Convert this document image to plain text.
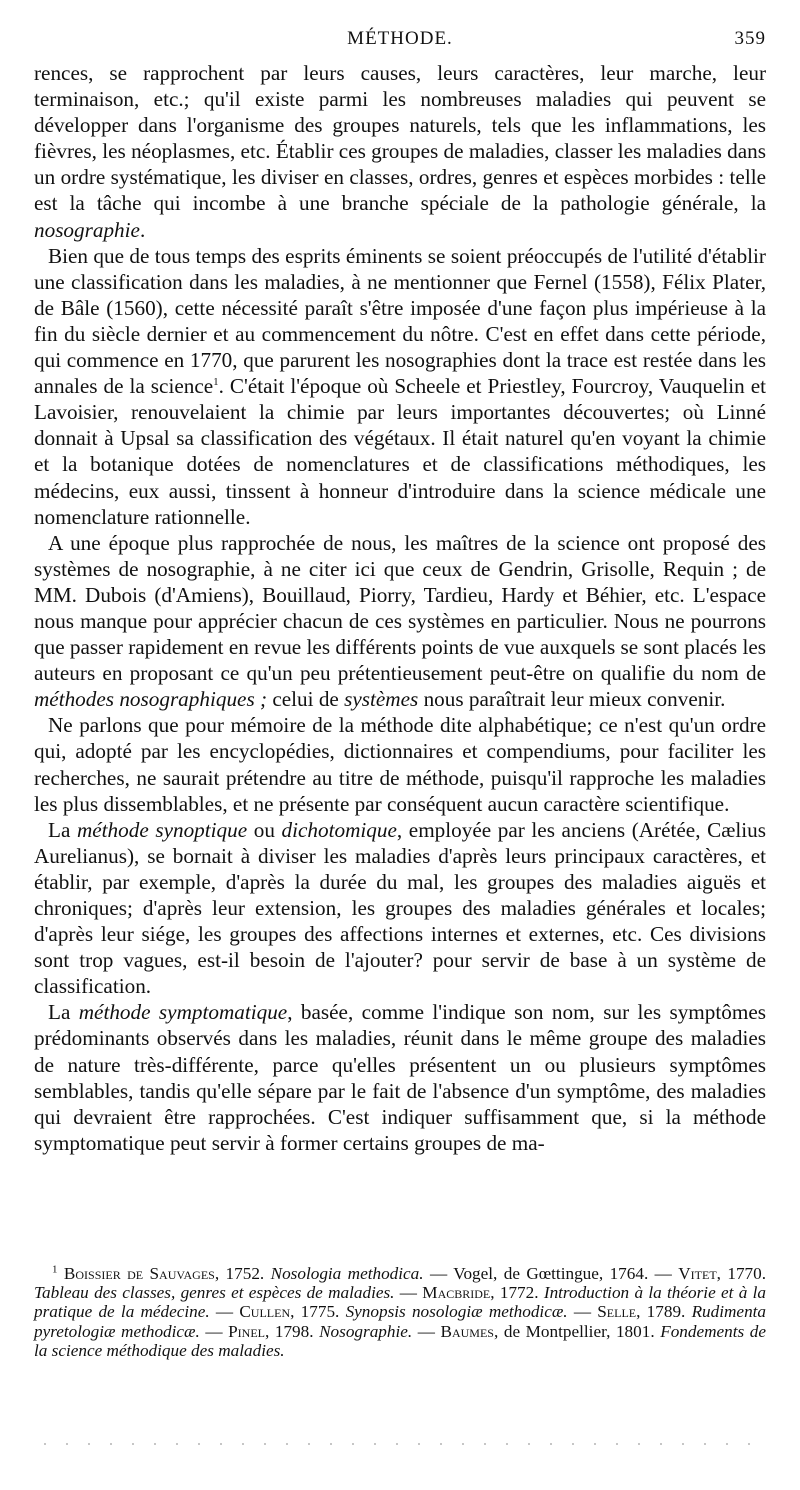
MÉTHODE.	359

rences, se rapprochent par leurs causes, leurs caractères, leur marche, leur terminaison, etc.; qu'il existe parmi les nombreuses maladies qui peuvent se développer dans l'organisme des groupes naturels, tels que les inflammations, les fièvres, les néoplasmes, etc. Établir ces groupes de maladies, classer les maladies dans un ordre systématique, les diviser en classes, ordres, genres et espèces morbides : telle est la tâche qui incombe à une branche spéciale de la pathologie générale, la nosographie.

Bien que de tous temps des esprits éminents se soient préoccupés de l'utilité d'établir une classification dans les maladies, à ne mentionner que Fernel (1558), Félix Plater, de Bâle (1560), cette nécessité paraît s'être imposée d'une façon plus impérieuse à la fin du siècle dernier et au commencement du nôtre. C'est en effet dans cette période, qui commence en 1770, que parurent les nosographies dont la trace est restée dans les annales de la science$^1$. C'était l'époque où Scheele et Priestley, Fourcroy, Vauquelin et Lavoisier, renouvelaient la chimie par leurs importantes découvertes; où Linné donnait à Upsal sa classification des végétaux. Il était naturel qu'en voyant la chimie et la botanique dotées de nomenclatures et de classifications méthodiques, les médecins, eux aussi, tinssent à honneur d'introduire dans la science médicale une nomenclature rationnelle.

A une époque plus rapprochée de nous, les maîtres de la science ont proposé des systèmes de nosographie, à ne citer ici que ceux de Gendrin, Grisolle, Requin ; de MM. Dubois (d'Amiens), Bouillaud, Piorry, Tardieu, Hardy et Béhier, etc. L'espace nous manque pour apprécier chacun de ces systèmes en particulier. Nous ne pourrons que passer rapidement en revue les différents points de vue auxquels se sont placés les auteurs en proposant ce qu'un peu prétentieusement peut-être on qualifie du nom de méthodes nosographiques ; celui de systèmes nous paraîtrait leur mieux convenir.

Ne parlons que pour mémoire de la méthode dite alphabétique; ce n'est qu'un ordre qui, adopté par les encyclopédies, dictionnaires et compendiums, pour faciliter les recherches, ne saurait prétendre au titre de méthode, puisqu'il rapproche les maladies les plus dissemblables, et ne présente par conséquent aucun caractère scientifique.

La méthode synoptique ou dichotomique, employée par les anciens (Arétée, Cælius Aurelianus), se bornait à diviser les maladies d'après leurs principaux caractères, et établir, par exemple, d'après la durée du mal, les groupes des maladies aiguës et chroniques; d'après leur extension, les groupes des maladies générales et locales; d'après leur siége, les groupes des affections internes et externes, etc. Ces divisions sont trop vagues, est-il besoin de l'ajouter? pour servir de base à un système de classification.

La méthode symptomatique, basée, comme l'indique son nom, sur les symptômes prédominants observés dans les maladies, réunit dans le même groupe des maladies de nature très-différente, parce qu'elles présentent un ou plusieurs symptômes semblables, tandis qu'elle sépare par le fait de l'absence d'un symptôme, des maladies qui devraient être rapprochées. C'est indiquer suffisamment que, si la méthode symptomatique peut servir à former certains groupes de ma-

$^1$ Boissier de Sauvages, 1752. Nosologia methodica. — Vogel, de Gœttingue, 1764. — Vitet, 1770. Tableau des classes, genres et espèces de maladies. — Macbride, 1772. Introduction à la théorie et à la pratique de la médecine. — Cullen, 1775. Synopsis nosologiæ methodicæ. — Selle, 1789. Rudimenta pyretologiæ methodicæ. — Pinel, 1798. Nosographie. — Baumes, de Montpellier, 1801. Fondements de la science méthodique des maladies.
